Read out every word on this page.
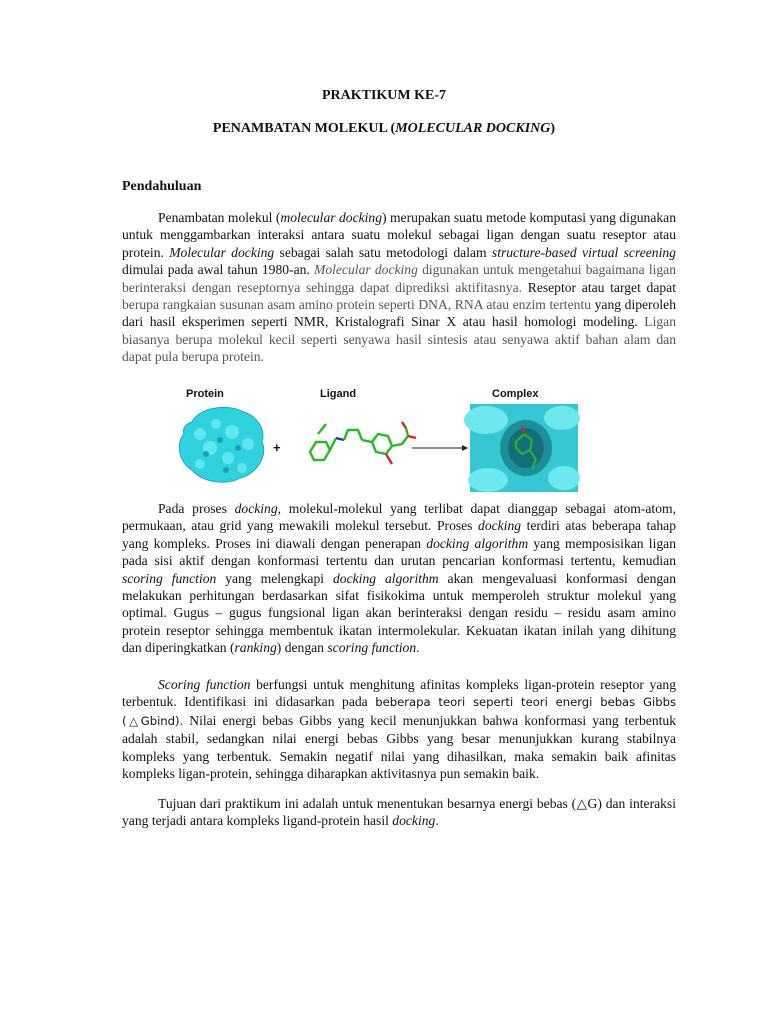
PRAKTIKUM KE-7
PENAMBATAN MOLEKUL (MOLECULAR DOCKING)
Pendahuluan

Penambatan molekul (molecular docking) merupakan suatu metode komputasi yang digunakan untuk menggambarkan interaksi antara suatu molekul sebagai ligan dengan suatu reseptor atau protein. Molecular docking sebagai salah satu metodologi dalam structure-based virtual screening dimulai pada awal tahun 1980-an. Molecular docking digunakan untuk mengetahui bagaimana ligan berinteraksi dengan reseptornya sehingga dapat diprediksi aktifitasnya. Reseptor atau target dapat berupa rangkaian susunan asam amino protein seperti DNA, RNA atau enzim tertentu yang diperoleh dari hasil eksperimen seperti NMR, Kristalografi Sinar X atau hasil homologi modeling. Ligan biasanya berupa molekul kecil seperti senyawa hasil sintesis atau senyawa aktif bahan alam dan dapat pula berupa protein.

Protein	Ligand	Complex
+

Pada proses docking, molekul-molekul yang terlibat dapat dianggap sebagai atom-atom, permukaan, atau grid yang mewakili molekul tersebut. Proses docking terdiri atas beberapa tahap yang kompleks. Proses ini diawali dengan penerapan docking algorithm yang memposisikan ligan pada sisi aktif dengan konformasi tertentu dan urutan pencarian konformasi tertentu, kemudian scoring function yang melengkapi docking algorithm akan mengevaluasi konformasi dengan melakukan perhitungan berdasarkan sifat fisikokima untuk memperoleh struktur molekul yang optimal. Gugus – gugus fungsional ligan akan berinteraksi dengan residu – residu asam amino protein reseptor sehingga membentuk ikatan intermolekular. Kekuatan ikatan inilah yang dihitung dan diperingkatkan (ranking) dengan scoring function.

Scoring function berfungsi untuk menghitung afinitas kompleks ligan-protein reseptor yang terbentuk. Identifikasi ini didasarkan pada beberapa teori seperti teori energi bebas Gibbs (△Gbind). Nilai energi bebas Gibbs yang kecil menunjukkan bahwa konformasi yang terbentuk adalah stabil, sedangkan nilai energi bebas Gibbs yang besar menunjukkan kurang stabilnya kompleks yang terbentuk. Semakin negatif nilai yang dihasilkan, maka semakin baik afinitas kompleks ligan-protein, sehingga diharapkan aktivitasnya pun semakin baik.

Tujuan dari praktikum ini adalah untuk menentukan besarnya energi bebas (△G) dan interaksi yang terjadi antara kompleks ligand-protein hasil docking.
